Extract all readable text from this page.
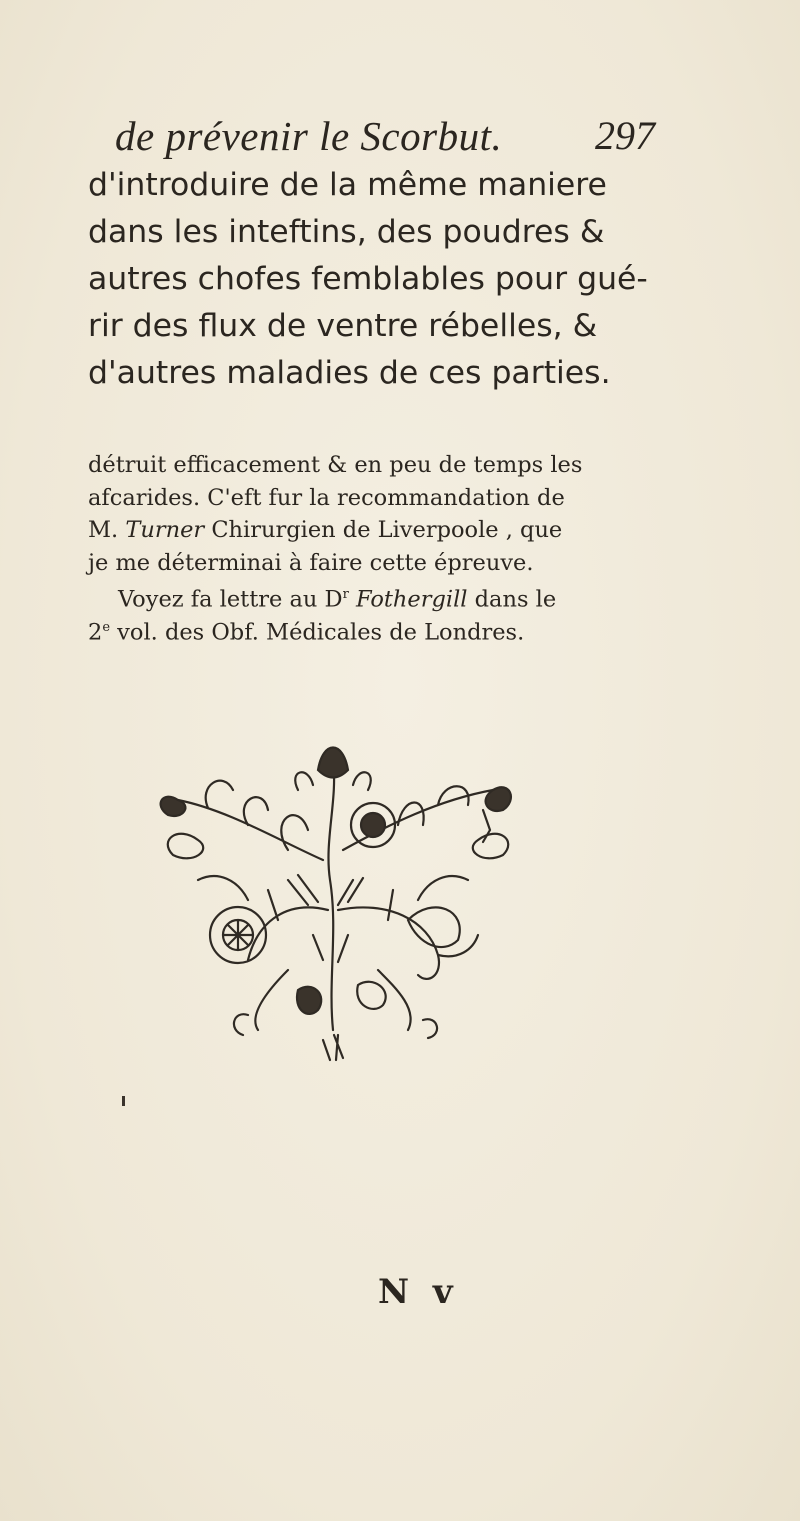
de prévenir le Scorbut. 297
d'introduire de la même maniere
dans les inteftins, des poudres &
autres chofes femblables pour gué-
rir des flux de ventre rébelles, &
d'autres maladies de ces parties.
détruit efficacement & en peu de temps les
afcarides. C'eft fur la recommandation de
M. Turner Chirurgien de Liverpoole , que
je me déterminai à faire cette épreuve.
Voyez fa lettre au $D^r$ Fothergill dans le
2e vol. des Obf. Médicales de Londres.
N v
